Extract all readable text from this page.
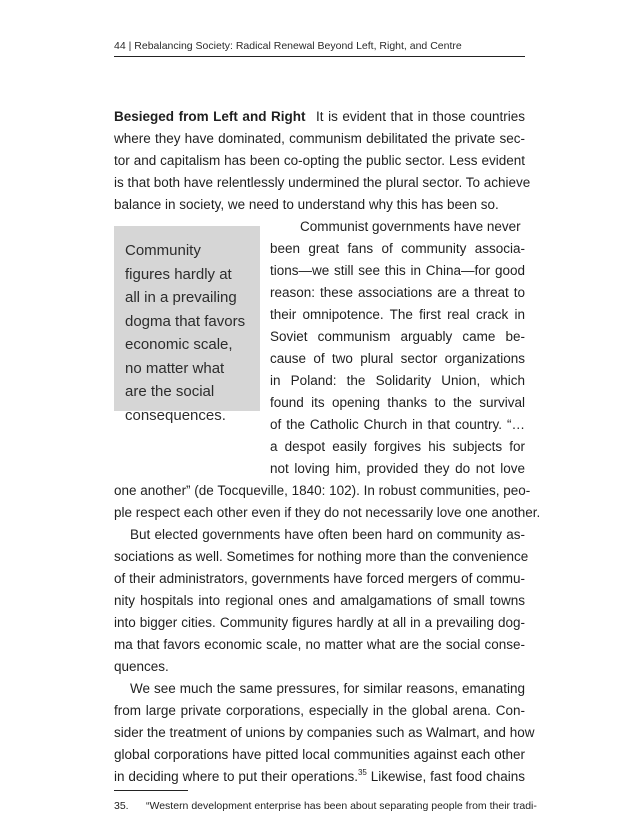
44 | Rebalancing Society: Radical Renewal Beyond Left, Right, and Centre
Besieged from Left and Right It is evident that in those countries
where they have dominated, communism debilitated the private sec-
tor and capitalism has been co-opting the public sector. Less evident
is that both have relentlessly undermined the plural sector. To achieve
balance in society, we need to understand why this has been so.
Community
figures hardly at
all in a prevailing
dogma that favors
economic scale,
no matter what
are the social
consequences.
Communist governments have never
been great fans of community associa-
tions—we still see this in China—for good
reason: these associations are a threat to
their omnipotence. The first real crack in
Soviet communism arguably came be-
cause of two plural sector organizations
in Poland: the Solidarity Union, which
found its opening thanks to the survival
of the Catholic Church in that country. “…
a despot easily forgives his subjects for
not loving him, provided they do not love
one another” (de Tocqueville, 1840: 102). In robust communities, peo-
ple respect each other even if they do not necessarily love one another.
But elected governments have often been hard on community as-
sociations as well. Sometimes for nothing more than the convenience
of their administrators, governments have forced mergers of commu-
nity hospitals into regional ones and amalgamations of small towns
into bigger cities. Community figures hardly at all in a prevailing dog-
ma that favors economic scale, no matter what are the social conse-
quences.
We see much the same pressures, for similar reasons, emanating
from large private corporations, especially in the global arena. Con-
sider the treatment of unions by companies such as Walmart, and how
global corporations have pitted local communities against each other
in deciding where to put their operations.$^{35}$ Likewise, fast food chains
35. “Western development enterprise has been about separating people from their tradi-
